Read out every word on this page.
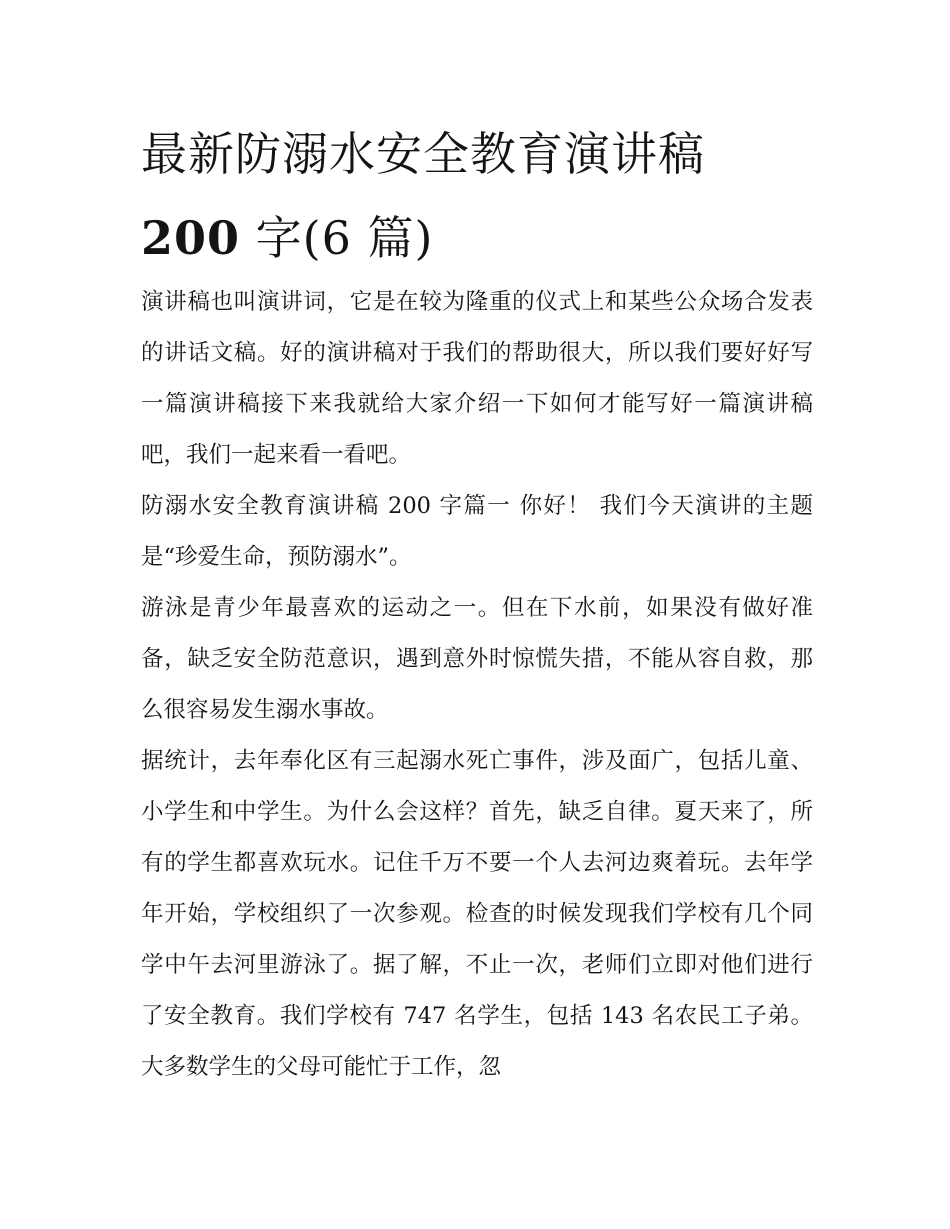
最新防溺水安全教育演讲稿
200 字(6 篇)

演讲稿也叫演讲词，它是在较为隆重的仪式上和某些公众场合发表的讲话文稿。好的演讲稿对于我们的帮助很大，所以我们要好好写一篇演讲稿接下来我就给大家介绍一下如何才能写好一篇演讲稿吧，我们一起来看一看吧。

防溺水安全教育演讲稿 200 字篇一 你好！ 我们今天演讲的主题是“珍爱生命，预防溺水”。

游泳是青少年最喜欢的运动之一。但在下水前，如果没有做好准备，缺乏安全防范意识，遇到意外时惊慌失措，不能从容自救，那么很容易发生溺水事故。

据统计，去年奉化区有三起溺水死亡事件，涉及面广，包括儿童、小学生和中学生。为什么会这样？首先，缺乏自律。夏天来了，所有的学生都喜欢玩水。记住千万不要一个人去河边爽着玩。去年学年开始，学校组织了一次参观。检查的时候发现我们学校有几个同学中午去河里游泳了。据了解，不止一次，老师们立即对他们进行了安全教育。我们学校有 747 名学生，包括 143 名农民工子弟。大多数学生的父母可能忙于工作，忽
